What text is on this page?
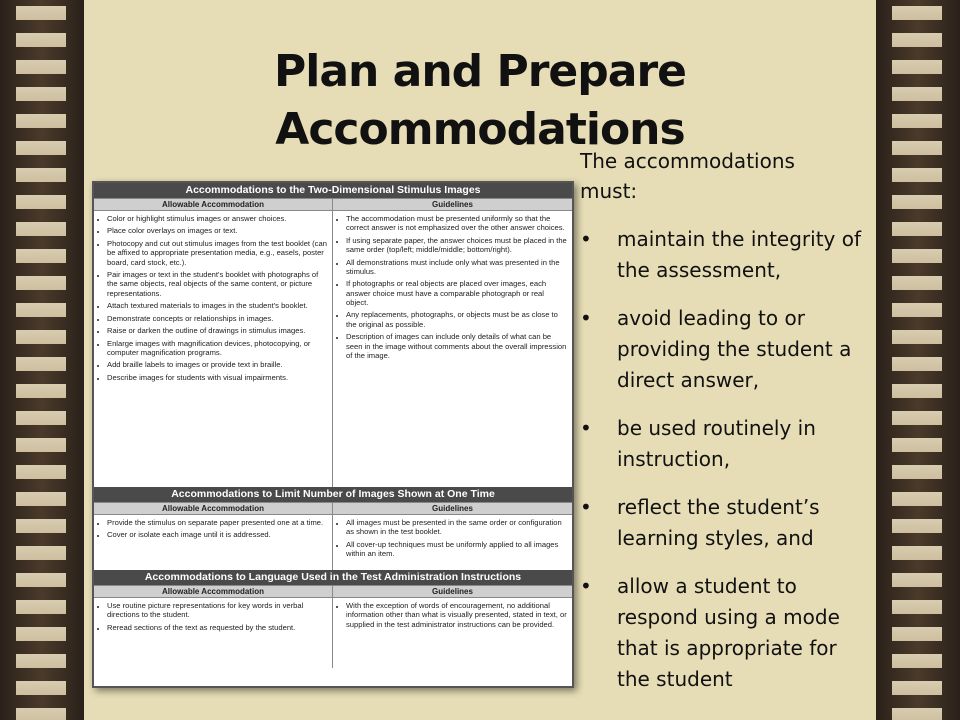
Plan and Prepare
Accommodations
Accommodations to the Two-Dimensional Stimulus Images
Allowable Accommodation	Guidelines
• Color or highlight stimulus images or answer choices.
• Place color overlays on images or text.
• Photocopy and cut out stimulus images from the test booklet (can be affixed to appropriate presentation media, e.g., easels, poster board, card stock, etc.).
• Pair images or text in the student's booklet with photographs of the same objects, real objects of the same content, or picture representations.
• Attach textured materials to images in the student's booklet.
• Demonstrate concepts or relationships in images.
• Raise or darken the outline of drawings in stimulus images.
• Enlarge images with magnification devices, photocopying, or computer magnification programs.
• Add braille labels to images or provide text in braille.
• Describe images for students with visual impairments.
• The accommodation must be presented uniformly so that the correct answer is not emphasized over the other answer choices.
• If using separate paper, the answer choices must be placed in the same order (top/left; middle/middle; bottom/right).
• All demonstrations must include only what was presented in the stimulus.
• If photographs or real objects are placed over images, each answer choice must have a comparable photograph or real object.
• Any replacements, photographs, or objects must be as close to the original as possible.
• Description of images can include only details of what can be seen in the image without comments about the overall impression of the image.
Accommodations to Limit Number of Images Shown at One Time
Allowable Accommodation	Guidelines
• Provide the stimulus on separate paper presented one at a time.
• Cover or isolate each image until it is addressed.
• All images must be presented in the same order or configuration as shown in the test booklet.
• All cover-up techniques must be uniformly applied to all images within an item.
Accommodations to Language Used in the Test Administration Instructions
Allowable Accommodation	Guidelines
• Use routine picture representations for key words in verbal directions to the student.
• Reread sections of the text as requested by the student.
• With the exception of words of encouragement, no additional information other than what is visually presented, stated in text, or supplied in the test administrator instructions can be provided.
The accommodations must:
• maintain the integrity of the assessment,
• avoid leading to or providing the student a direct answer,
• be used routinely in instruction,
• reflect the student’s learning styles, and
• allow a student to respond using a mode that is appropriate for the student
